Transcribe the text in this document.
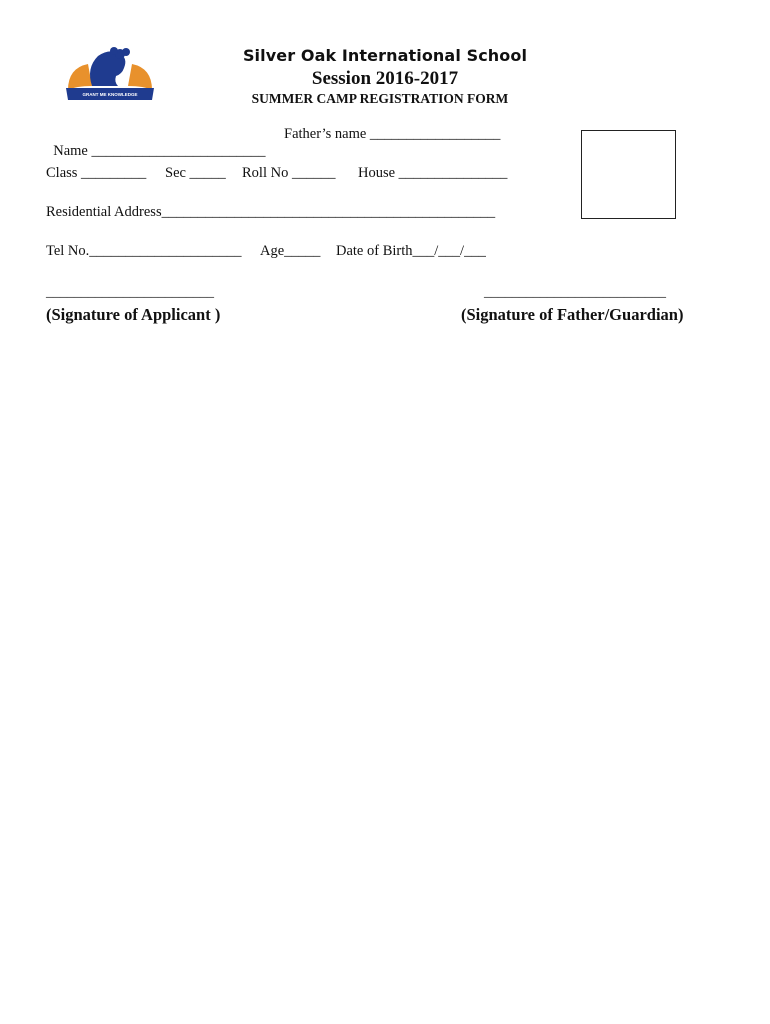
GRANT ME KNOWLEDGE
Silver Oak International School
Session 2016-2017
SUMMER CAMP REGISTRATION FORM

Name ________________________

Father’s name __________________

Class _________

Sec _____

Roll No ______

House _______________

Residential Address______________________________________________

Tel No._____________________

Age_____

Date of Birth___/___/___

________________________
(Signature of Applicant )
__________________________
(Signature of Father/Guardian)
